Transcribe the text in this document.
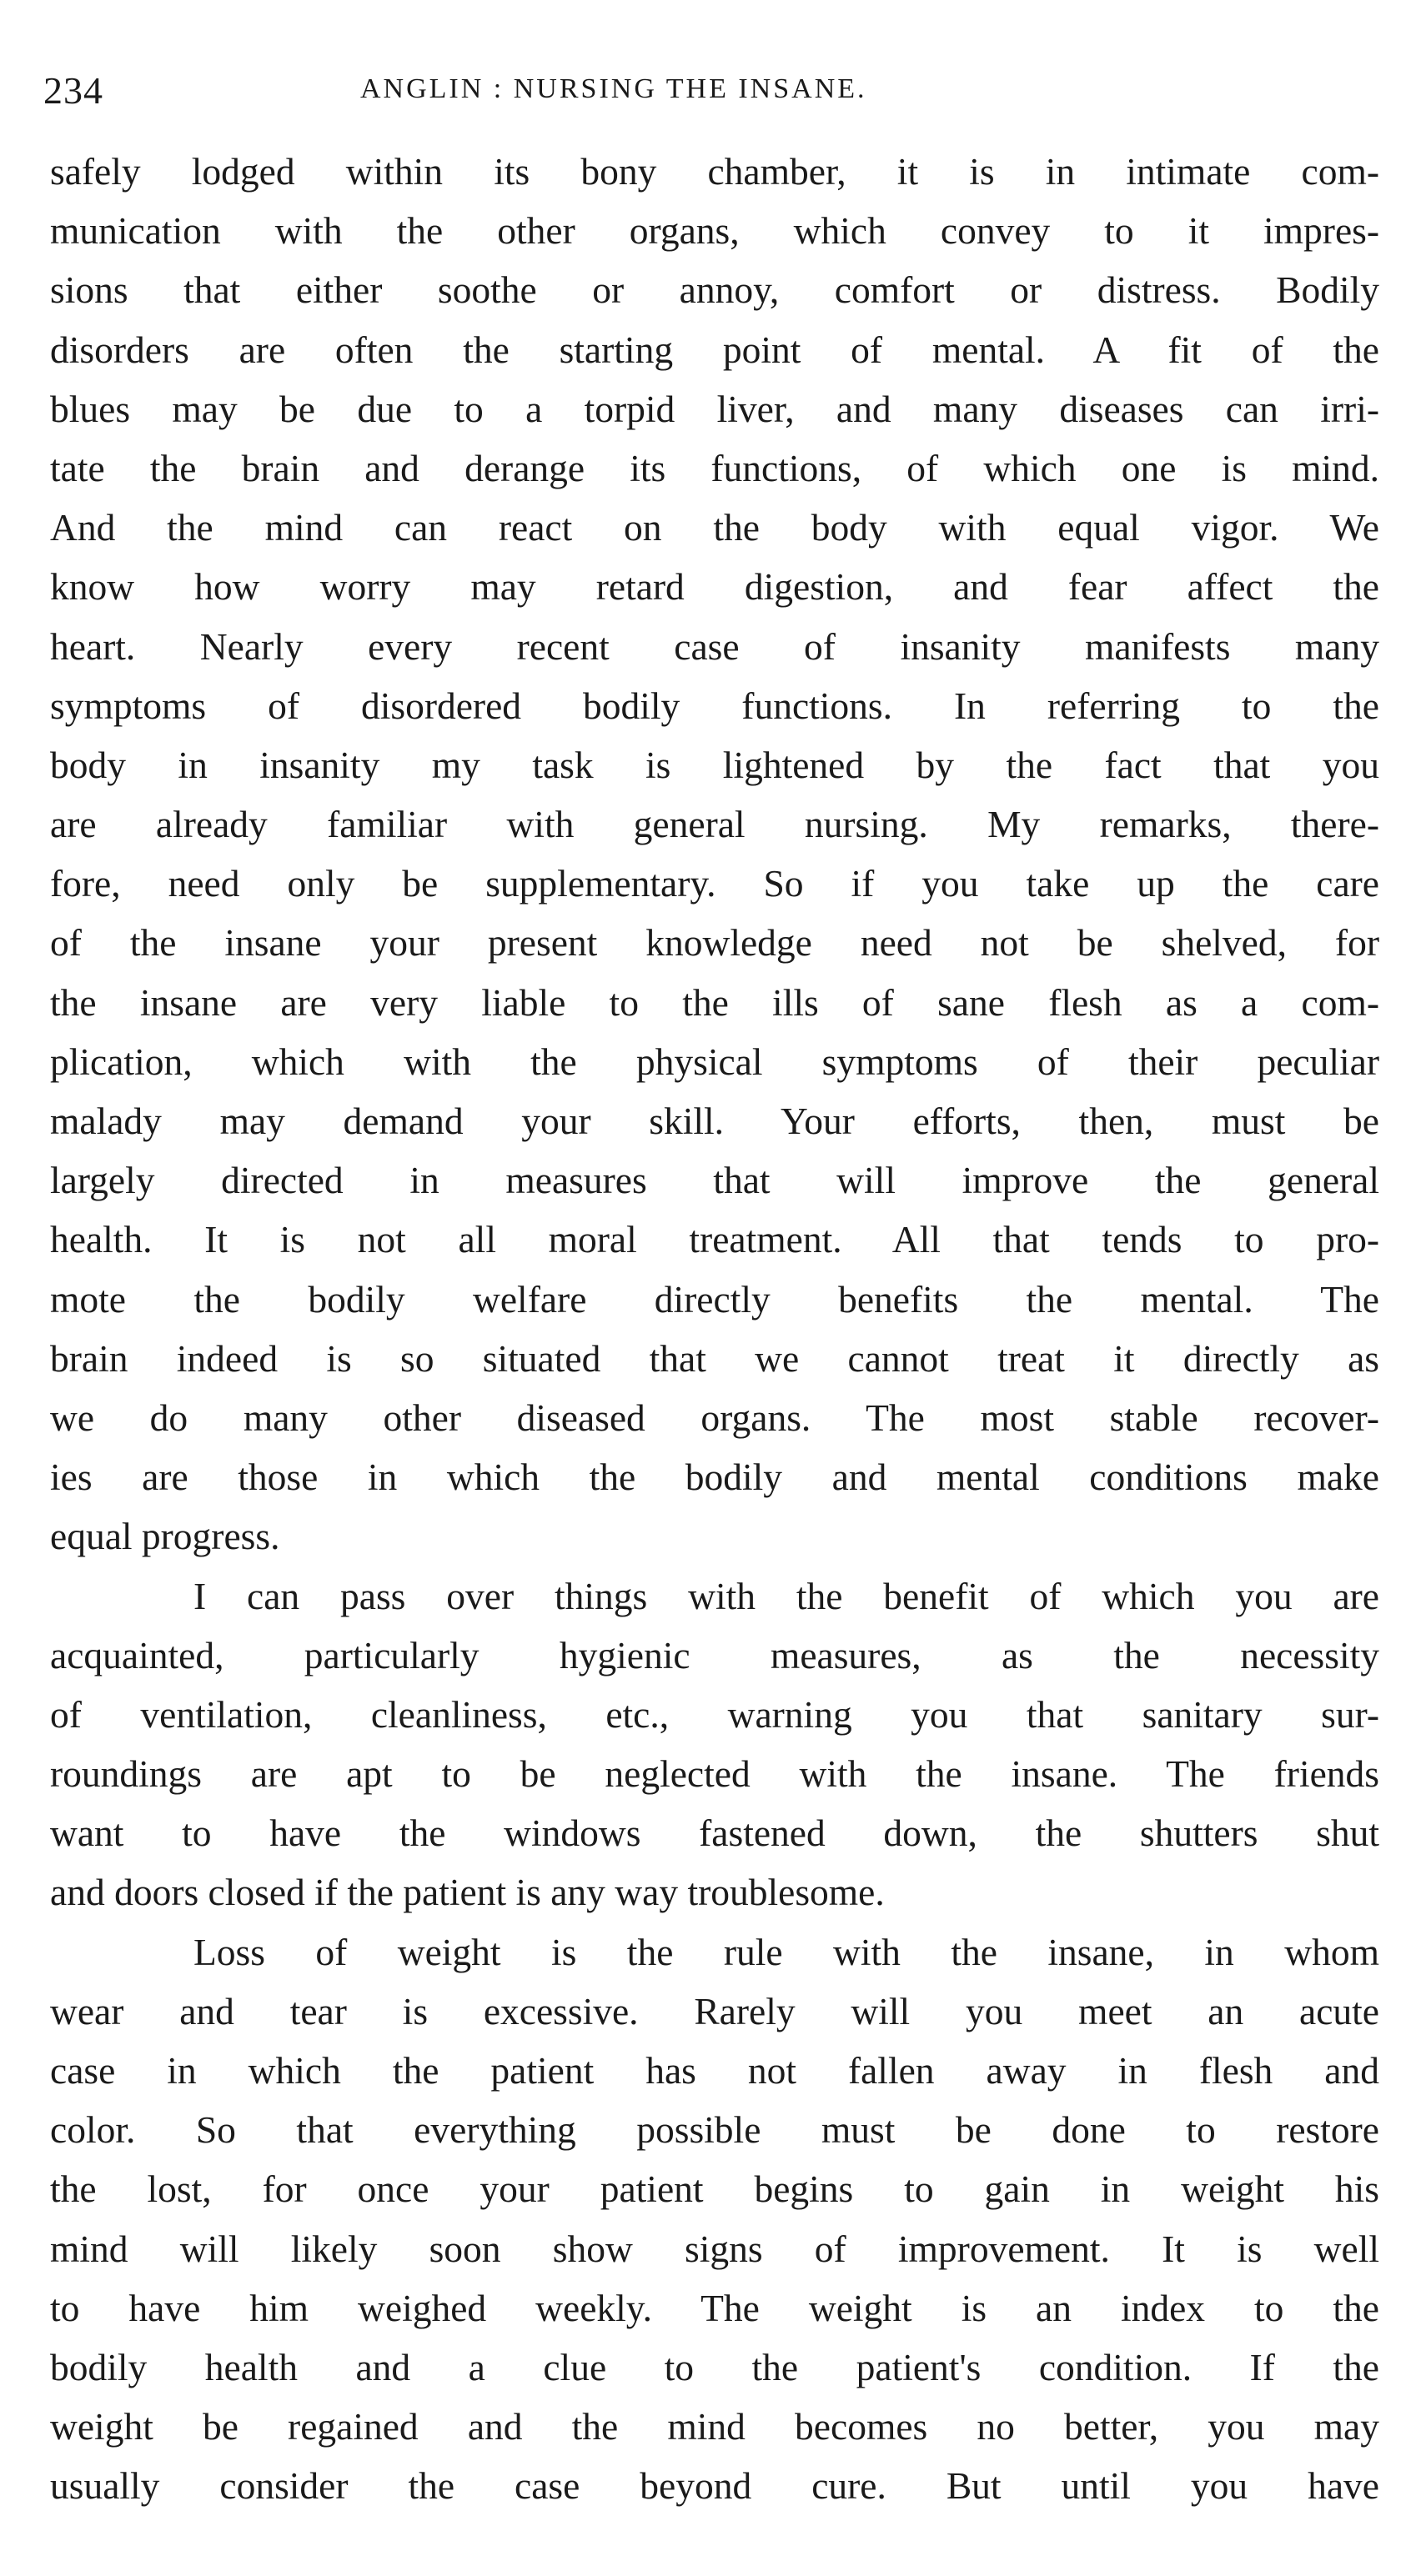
234	ANGLIN : NURSING THE INSANE.
safely lodged within its bony chamber, it is in intimate com-
munication with the other organs, which convey to it impres-
sions that either soothe or annoy, comfort or distress. Bodily
disorders are often the starting point of mental. A fit of the
blues may be due to a torpid liver, and many diseases can irri-
tate the brain and derange its functions, of which one is mind.
And the mind can react on the body with equal vigor. We
know how worry may retard digestion, and fear affect the
heart. Nearly every recent case of insanity manifests many
symptoms of disordered bodily functions. In referring to the
body in insanity my task is lightened by the fact that you
are already familiar with general nursing. My remarks, there-
fore, need only be supplementary. So if you take up the care
of the insane your present knowledge need not be shelved, for
the insane are very liable to the ills of sane flesh as a com-
plication, which with the physical symptoms of their peculiar
malady may demand your skill. Your efforts, then, must be
largely directed in measures that will improve the general
health. It is not all moral treatment. All that tends to pro-
mote the bodily welfare directly benefits the mental. The
brain indeed is so situated that we cannot treat it directly as
we do many other diseased organs. The most stable recover-
ies are those in which the bodily and mental conditions make
equal progress.
I can pass over things with the benefit of which you are
acquainted, particularly hygienic measures, as the necessity
of ventilation, cleanliness, etc., warning you that sanitary sur-
roundings are apt to be neglected with the insane. The friends
want to have the windows fastened down, the shutters shut
and doors closed if the patient is any way troublesome.
Loss of weight is the rule with the insane, in whom
wear and tear is excessive. Rarely will you meet an acute
case in which the patient has not fallen away in flesh and
color. So that everything possible must be done to restore
the lost, for once your patient begins to gain in weight his
mind will likely soon show signs of improvement. It is well
to have him weighed weekly. The weight is an index to the
bodily health and a clue to the patient's condition. If the
weight be regained and the mind becomes no better, you may
usually consider the case beyond cure. But until you have
